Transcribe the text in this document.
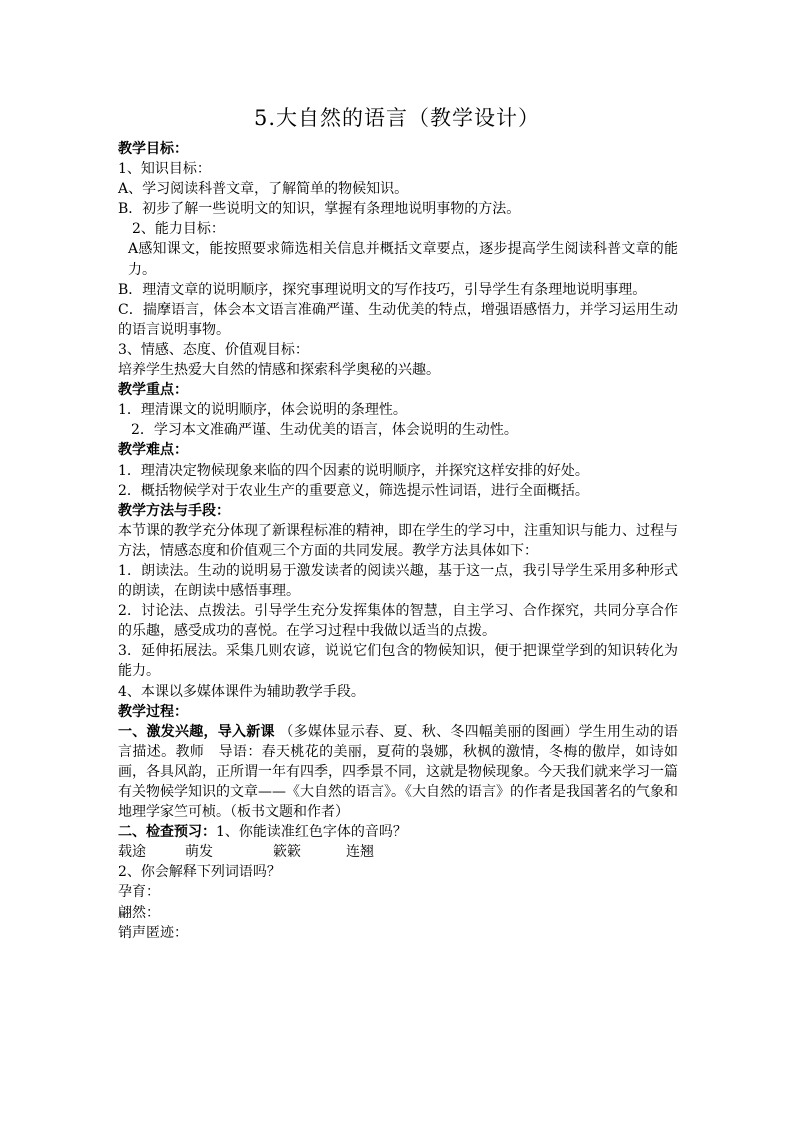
5.大自然的语言（教学设计）

教学目标：

1、知识目标：

A、学习阅读科普文章，了解简单的物候知识。

B．初步了解一些说明文的知识，掌握有条理地说明事物的方法。

2、能力目标：

A感知课文，能按照要求筛选相关信息并概括文章要点，逐步提高学生阅读科普文章的能力。

B．理清文章的说明顺序，探究事理说明文的写作技巧，引导学生有条理地说明事理。

C．揣摩语言，体会本文语言准确严谨、生动优美的特点，增强语感悟力，并学习运用生动的语言说明事物。

3、情感、态度、价值观目标：

培养学生热爱大自然的情感和探索科学奥秘的兴趣。

教学重点：

1．理清课文的说明顺序，体会说明的条理性。

2．学习本文准确严谨、生动优美的语言，体会说明的生动性。

教学难点：

1．理清决定物候现象来临的四个因素的说明顺序，并探究这样安排的好处。

2．概括物候学对于农业生产的重要意义，筛选提示性词语，进行全面概括。

教学方法与手段：

本节课的教学充分体现了新课程标准的精神，即在学生的学习中，注重知识与能力、过程与方法，情感态度和价值观三个方面的共同发展。教学方法具体如下：

1．朗读法。生动的说明易于激发读者的阅读兴趣，基于这一点，我引导学生采用多种形式的朗读，在朗读中感悟事理。

2．讨论法、点拨法。引导学生充分发挥集体的智慧，自主学习、合作探究，共同分享合作的乐趣，感受成功的喜悦。在学习过程中我做以适当的点拨。

3．延伸拓展法。采集几则农谚，说说它们包含的物候知识，便于把课堂学到的知识转化为能力。

4、本课以多媒体课件为辅助教学手段。

教学过程：

一、激发兴趣，导入新课 （多媒体显示春、夏、秋、冬四幅美丽的图画）学生用生动的语言描述。教师　导语：春天桃花的美丽，夏荷的袅娜，秋枫的激情，冬梅的傲岸，如诗如画，各具风韵，正所谓一年有四季，四季景不同，这就是物候现象。今天我们就来学习一篇有关物候学知识的文章——《大自然的语言》。《大自然的语言》的作者是我国著名的气象和地理学家竺可桢。（板书文题和作者）

二、检查预习：1、你能读准红色字体的音吗？

载途	萌发	簌簌	连翘

2、你会解释下列词语吗？

孕育：

翩然：

销声匿迹：
